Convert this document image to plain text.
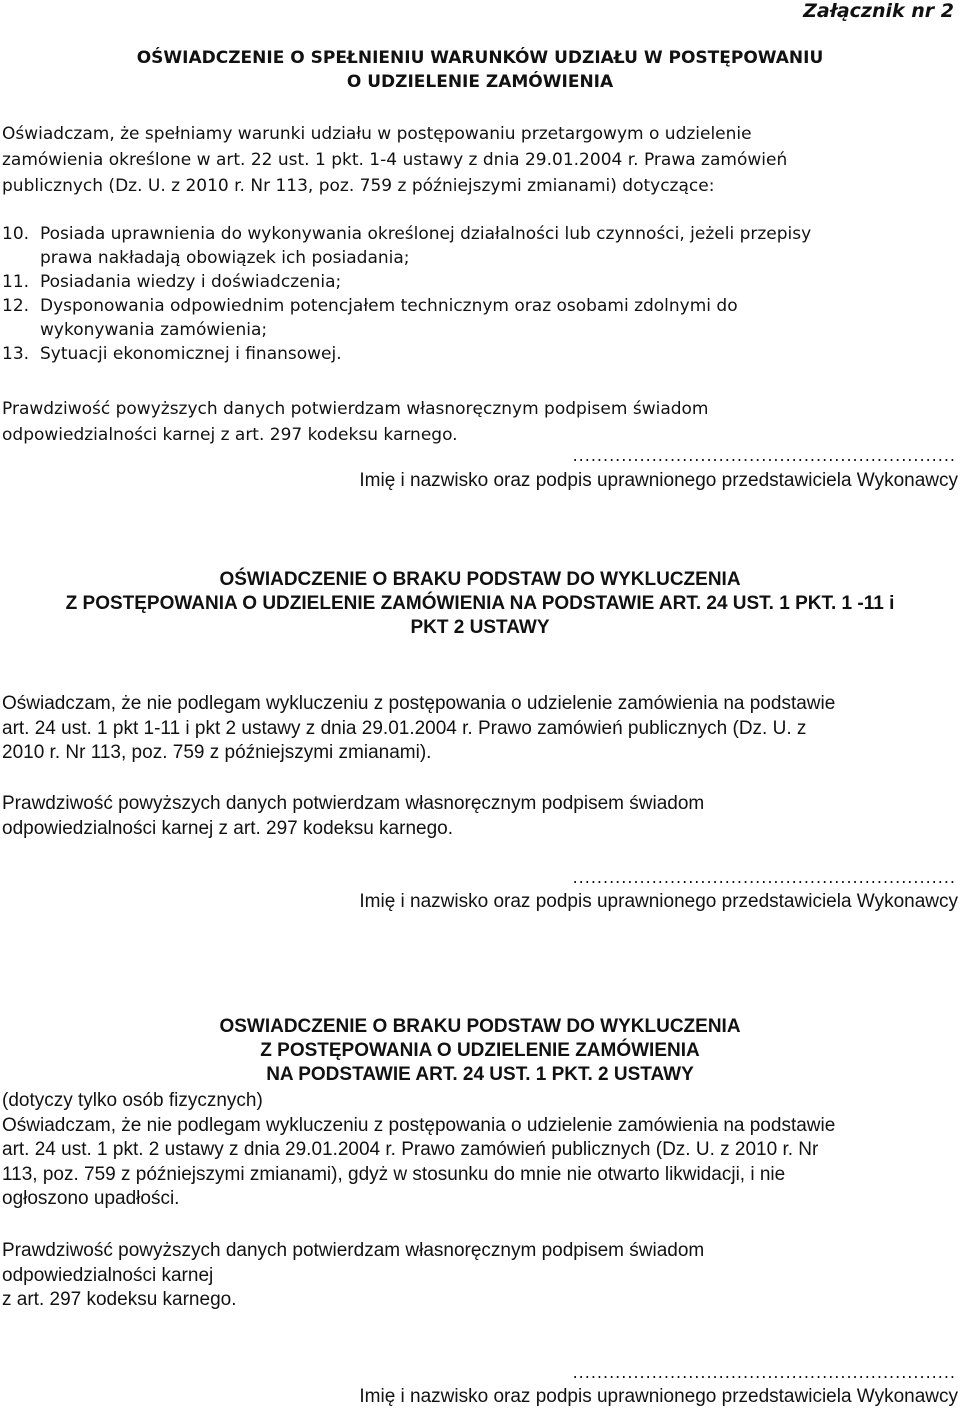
Załącznik nr 2
OŚWIADCZENIE O SPEŁNIENIU WARUNKÓW UDZIAŁU W POSTĘPOWANIU
O UDZIELENIE ZAMÓWIENIA
Oświadczam, że spełniamy warunki udziału w postępowaniu przetargowym o udzielenie
zamówienia określone w art. 22 ust. 1 pkt. 1-4 ustawy z dnia 29.01.2004 r. Prawa zamówień
publicznych (Dz. U. z 2010 r. Nr 113, poz. 759 z późniejszymi zmianami) dotyczące:
10. Posiada uprawnienia do wykonywania określonej działalności lub czynności, jeżeli przepisy
prawa nakładają obowiązek ich posiadania;
11. Posiadania wiedzy i doświadczenia;
12. Dysponowania odpowiednim potencjałem technicznym oraz osobami zdolnymi do
wykonywania zamówienia;
13. Sytuacji ekonomicznej i finansowej.
Prawdziwość powyższych danych potwierdzam własnoręcznym podpisem świadom
odpowiedzialności karnej z art. 297 kodeksu karnego.
...............................................................
Imię i nazwisko oraz podpis uprawnionego przedstawiciela Wykonawcy
OŚWIADCZENIE O BRAKU PODSTAW DO WYKLUCZENIA
Z POSTĘPOWANIA O UDZIELENIE ZAMÓWIENIA NA PODSTAWIE ART. 24 UST. 1 PKT. 1 -11 i
PKT 2 USTAWY
Oświadczam, że nie podlegam wykluczeniu z postępowania o udzielenie zamówienia na podstawie
art. 24 ust. 1 pkt 1-11 i pkt 2 ustawy z dnia 29.01.2004 r. Prawo zamówień publicznych (Dz. U. z
2010 r. Nr 113, poz. 759 z późniejszymi zmianami).
Prawdziwość powyższych danych potwierdzam własnoręcznym podpisem świadom
odpowiedzialności karnej z art. 297 kodeksu karnego.
...............................................................
Imię i nazwisko oraz podpis uprawnionego przedstawiciela Wykonawcy
OSWIADCZENIE O BRAKU PODSTAW DO WYKLUCZENIA
Z POSTĘPOWANIA O UDZIELENIE ZAMÓWIENIA
NA PODSTAWIE ART. 24 UST. 1 PKT. 2 USTAWY
(dotyczy tylko osób fizycznych)
Oświadczam, że nie podlegam wykluczeniu z postępowania o udzielenie zamówienia na podstawie
art. 24 ust. 1 pkt. 2 ustawy z dnia 29.01.2004 r. Prawo zamówień publicznych (Dz. U. z 2010 r. Nr
113, poz. 759 z późniejszymi zmianami), gdyż w stosunku do mnie nie otwarto likwidacji, i nie
ogłoszono upadłości.
Prawdziwość powyższych danych potwierdzam własnoręcznym podpisem świadom
odpowiedzialności karnej
z art. 297 kodeksu karnego.
...............................................................
Imię i nazwisko oraz podpis uprawnionego przedstawiciela Wykonawcy
